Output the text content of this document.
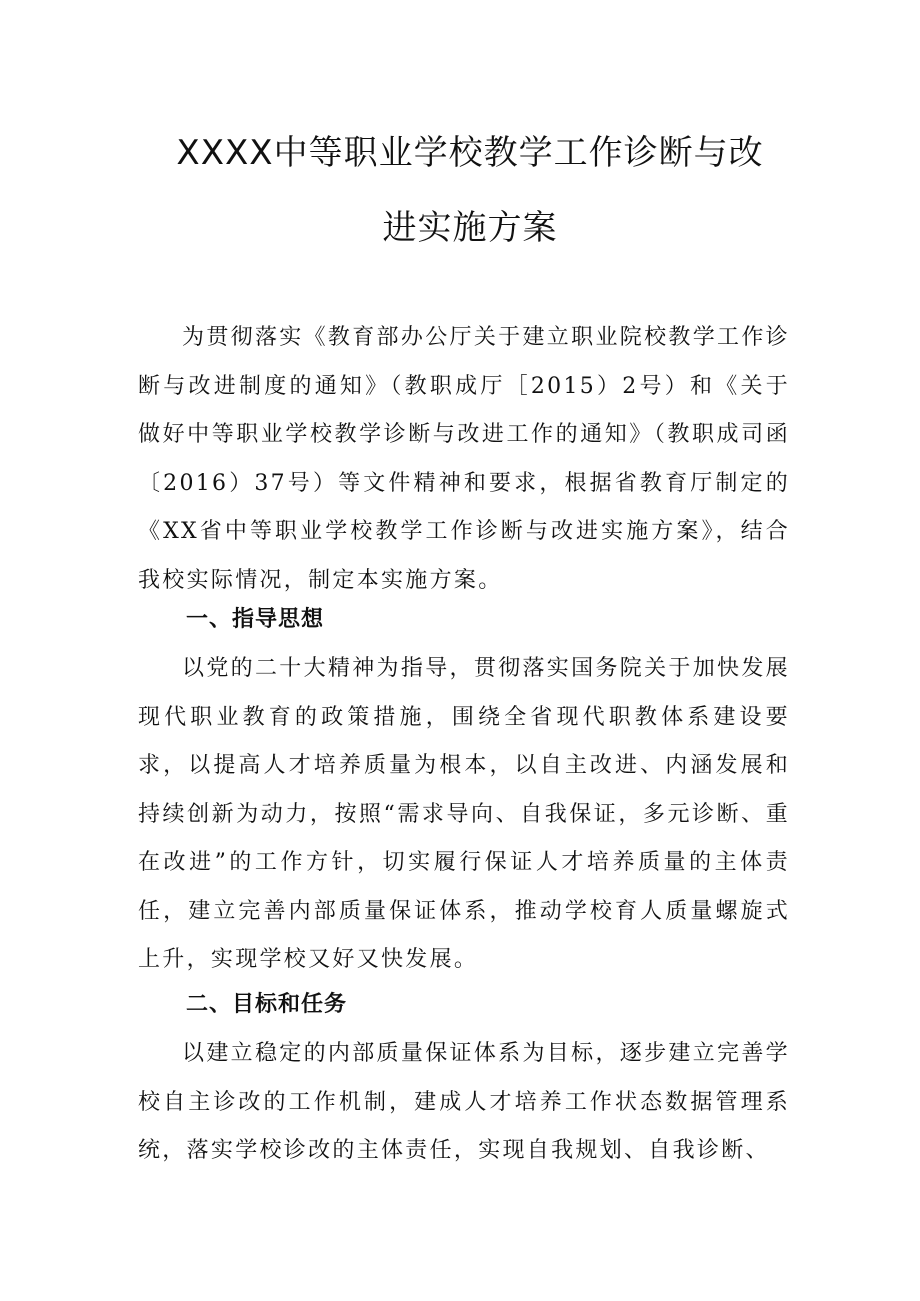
XXXX中等职业学校教学工作诊断与改
进实施方案

为贯彻落实《教育部办公厅关于建立职业院校教学工作诊断与改进制度的通知》（教职成厅［2015）2号）和《关于做好中等职业学校教学诊断与改进工作的通知》（教职成司函〔2016）37号）等文件精神和要求，根据省教育厅制定的《XX省中等职业学校教学工作诊断与改进实施方案》，结合我校实际情况，制定本实施方案。

一、指导思想

以党的二十大精神为指导，贯彻落实国务院关于加快发展现代职业教育的政策措施，围绕全省现代职教体系建设要求，以提高人才培养质量为根本，以自主改进、内涵发展和持续创新为动力，按照“需求导向、自我保证，多元诊断、重在改进”的工作方针，切实履行保证人才培养质量的主体责任，建立完善内部质量保证体系，推动学校育人质量螺旋式上升，实现学校又好又快发展。

二、目标和任务

以建立稳定的内部质量保证体系为目标，逐步建立完善学校自主诊改的工作机制，建成人才培养工作状态数据管理系统，落实学校诊改的主体责任，实现自我规划、自我诊断、
